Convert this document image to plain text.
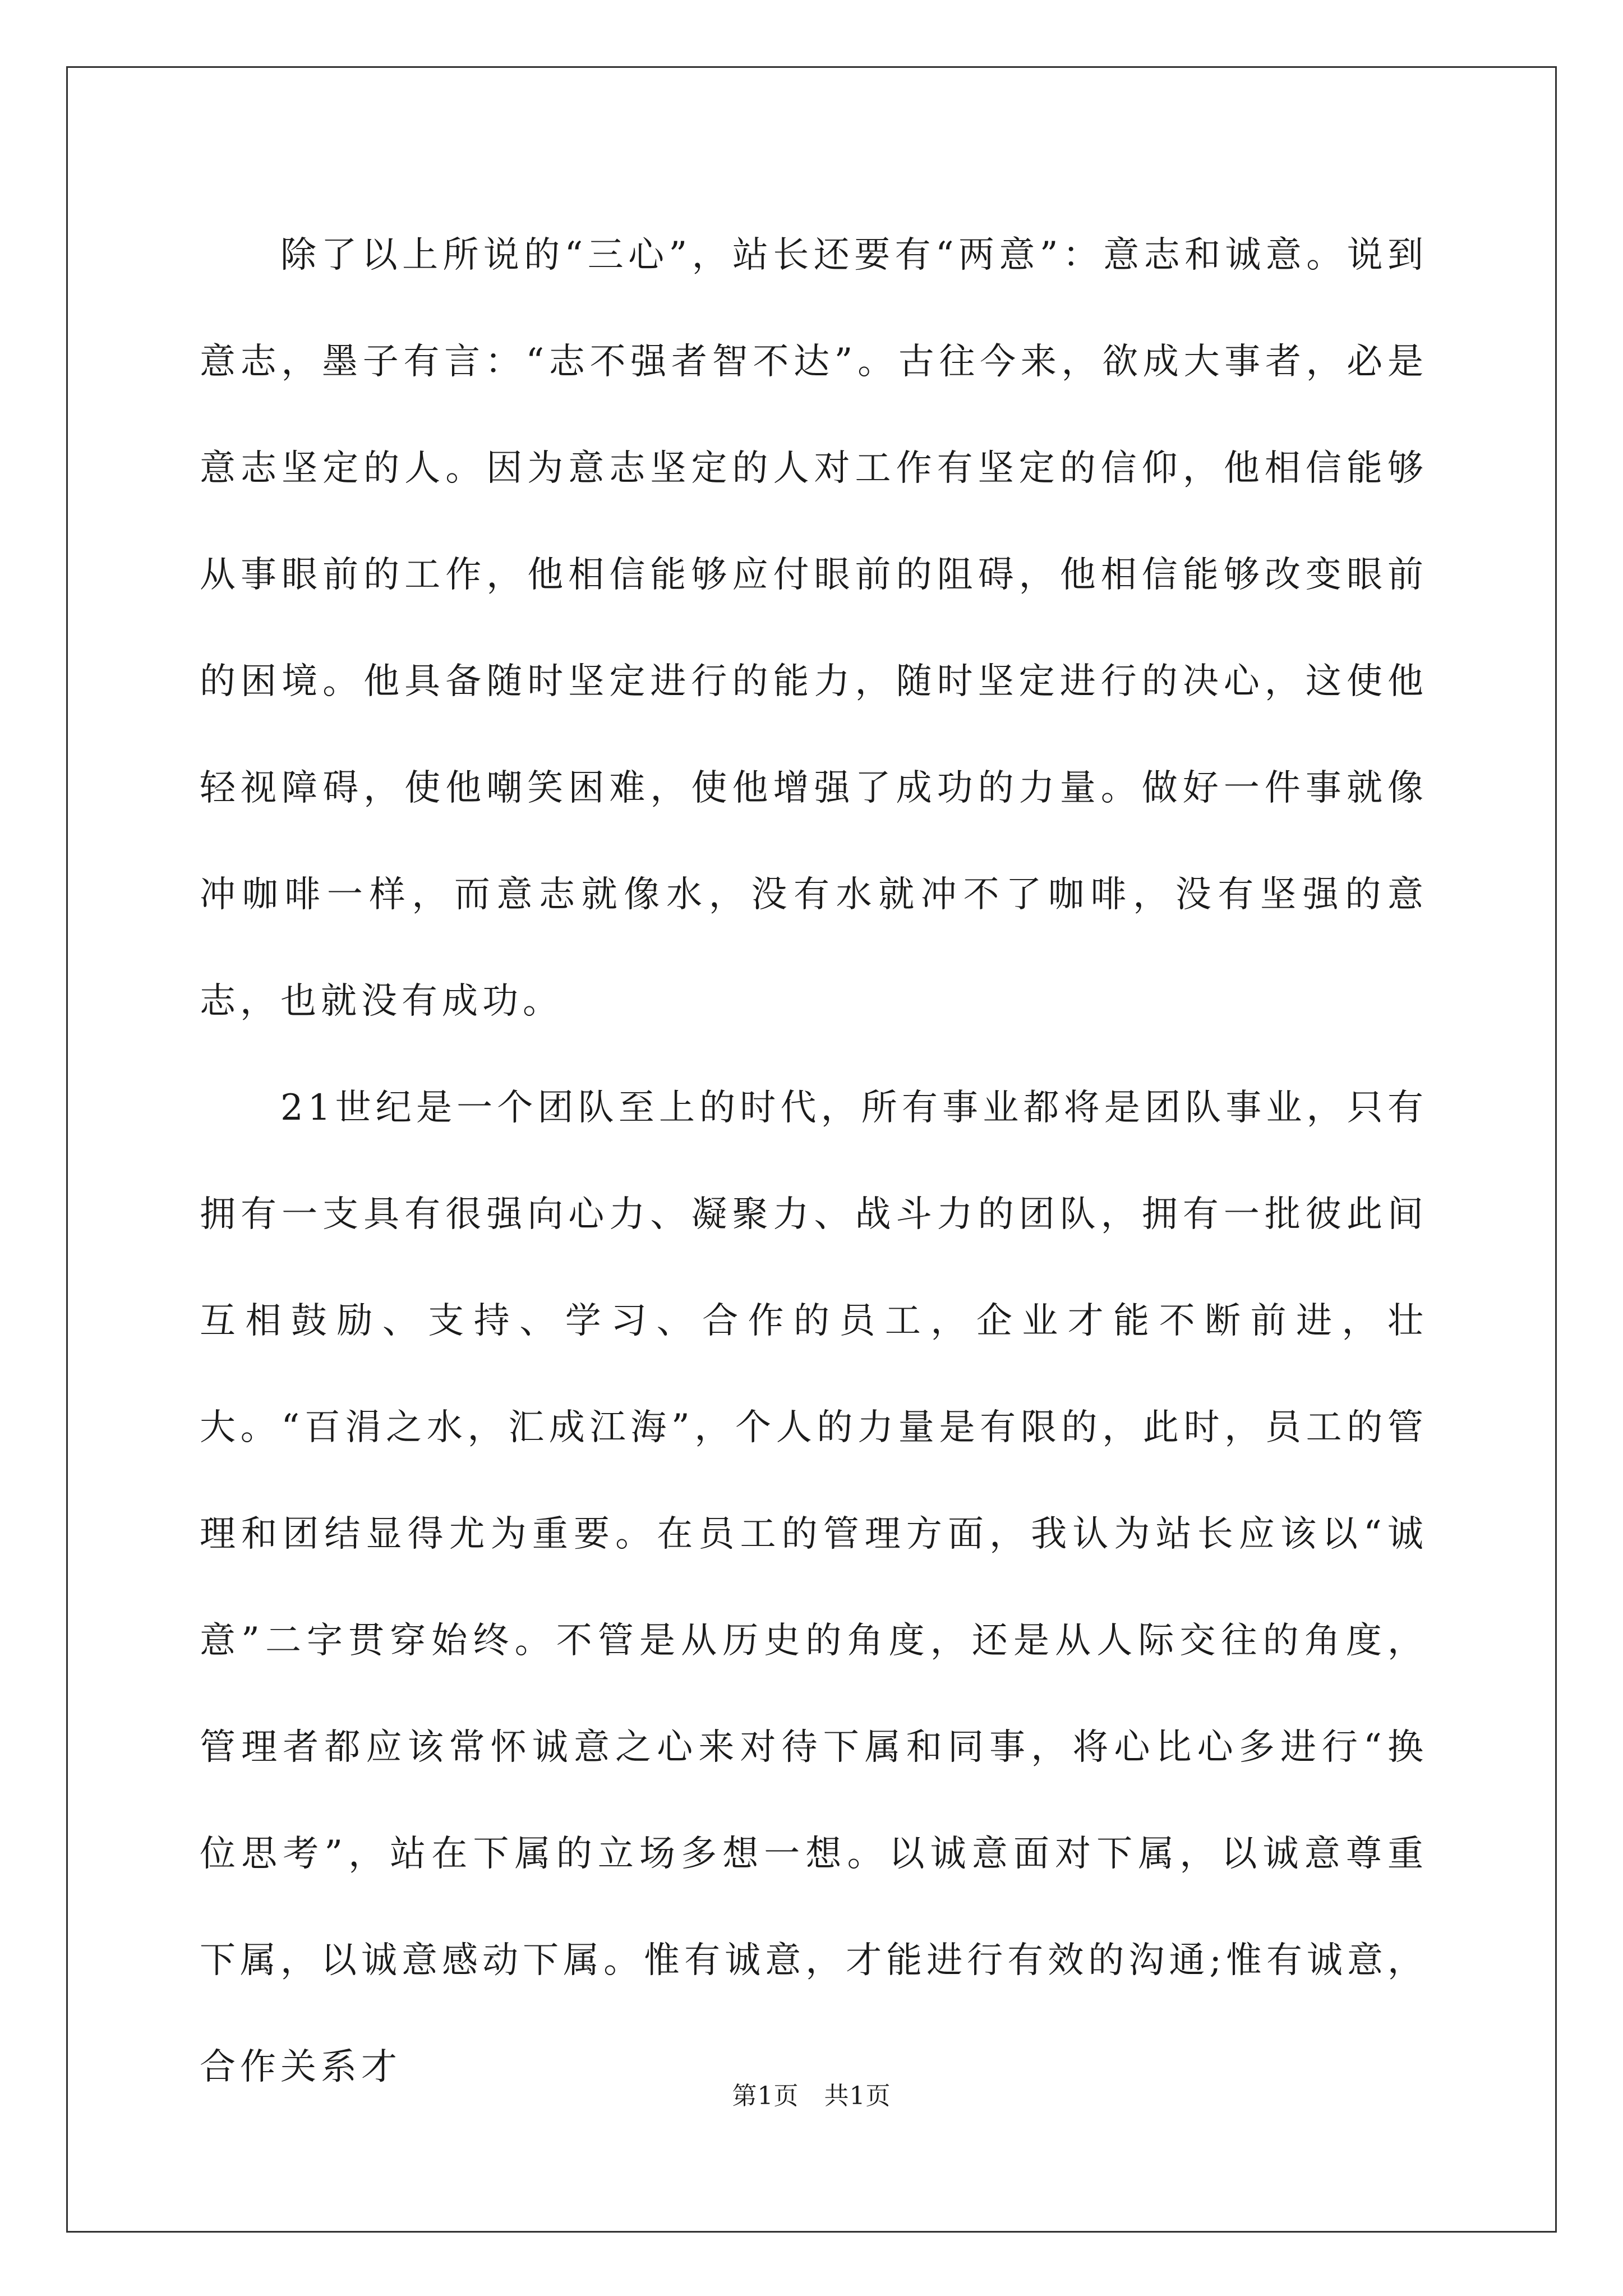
除了以上所说的“三心”，站长还要有“两意”：意志和诚意。说到意志，墨子有言：“志不强者智不达”。古往今来，欲成大事者，必是意志坚定的人。因为意志坚定的人对工作有坚定的信仰，他相信能够从事眼前的工作，他相信能够应付眼前的阻碍，他相信能够改变眼前的困境。他具备随时坚定进行的能力，随时坚定进行的决心，这使他轻视障碍，使他嘲笑困难，使他增强了成功的力量。做好一件事就像冲咖啡一样，而意志就像水，没有水就冲不了咖啡，没有坚强的意志，也就没有成功。

21世纪是一个团队至上的时代，所有事业都将是团队事业，只有拥有一支具有很强向心力、凝聚力、战斗力的团队，拥有一批彼此间互相鼓励、支持、学习、合作的员工，企业才能不断前进，壮大。“百涓之水，汇成江海”，个人的力量是有限的，此时，员工的管理和团结显得尤为重要。在员工的管理方面，我认为站长应该以“诚意”二字贯穿始终。不管是从历史的角度，还是从人际交往的角度，管理者都应该常怀诚意之心来对待下属和同事，将心比心多进行“换位思考”，站在下属的立场多想一想。以诚意面对下属，以诚意尊重下属，以诚意感动下属。惟有诚意，才能进行有效的沟通;惟有诚意，合作关系才

第1页　共1页
